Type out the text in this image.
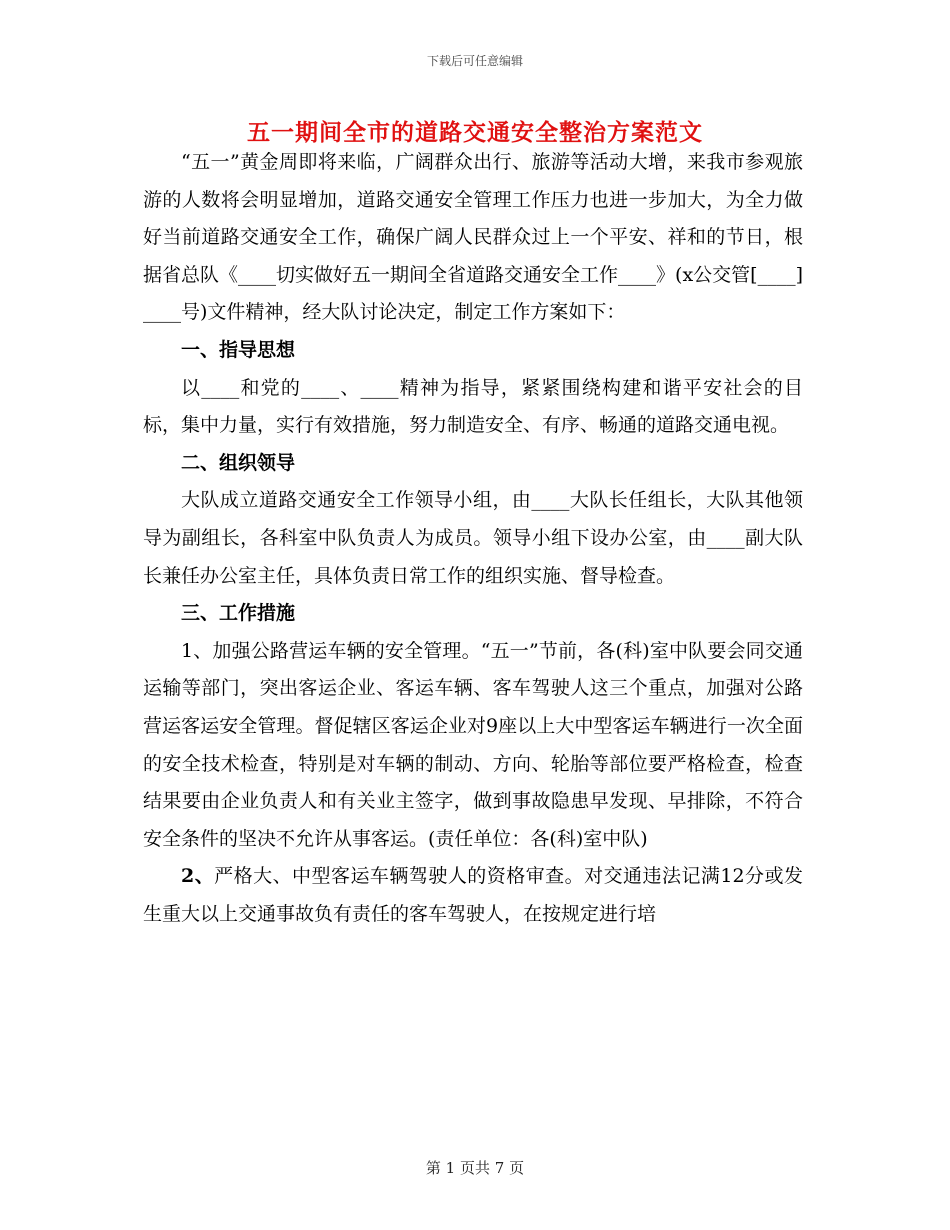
下载后可任意编辑
五一期间全市的道路交通安全整治方案范文

“五一”黄金周即将来临，广阔群众出行、旅游等活动大增，来我市参观旅游的人数将会明显增加，道路交通安全管理工作压力也进一步加大，为全力做好当前道路交通安全工作，确保广阔人民群众过上一个平安、祥和的节日，根据省总队《____切实做好五一期间全省道路交通安全工作____》(x公交管[____]____号)文件精神，经大队讨论决定，制定工作方案如下：

一、指导思想

以____和党的____、____精神为指导，紧紧围绕构建和谐平安社会的目标，集中力量，实行有效措施，努力制造安全、有序、畅通的道路交通电视。

二、组织领导

大队成立道路交通安全工作领导小组，由____大队长任组长，大队其他领导为副组长，各科室中队负责人为成员。领导小组下设办公室，由____副大队长兼任办公室主任，具体负责日常工作的组织实施、督导检查。

三、工作措施

1、加强公路营运车辆的安全管理。“五一”节前，各(科)室中队要会同交通运输等部门，突出客运企业、客运车辆、客车驾驶人这三个重点，加强对公路营运客运安全管理。督促辖区客运企业对9座以上大中型客运车辆进行一次全面的安全技术检查，特别是对车辆的制动、方向、轮胎等部位要严格检查，检查结果要由企业负责人和有关业主签字，做到事故隐患早发现、早排除，不符合安全条件的坚决不允许从事客运。(责任单位：各(科)室中队)

2、严格大、中型客运车辆驾驶人的资格审查。对交通违法记满12分或发生重大以上交通事故负有责任的客车驾驶人，在按规定进行培

第 1 页共 7 页
